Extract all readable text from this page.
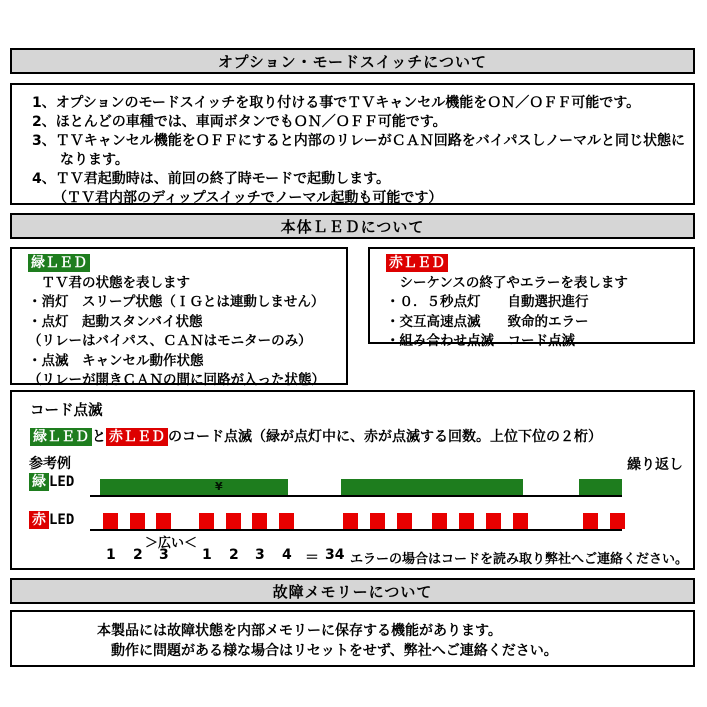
オプション・モードスイッチについて
1、オプションのモードスイッチを取り付ける事でＴＶキャンセル機能をＯＮ／ＯＦＦ可能です。
2、ほとんどの車種では、車両ボタンでもＯＮ／ＯＦＦ可能です。
3、ＴＶキャンセル機能をＯＦＦにすると内部のリレーがＣＡＮ回路をバイパスしノーマルと同じ状態に
　　なります。
4、ＴＶ君起動時は、前回の終了時モードで起動します。
　　（ＴＶ君内部のディップスイッチでノーマル起動も可能です）
本体ＬＥＤについて
緑ＬＥＤ
　ＴＶ君の状態を表します
・消灯　スリープ状態（ＩＧとは連動しません）
・点灯　起動スタンバイ状態
（リレーはバイパス、ＣＡＮはモニターのみ）
・点滅　キャンセル動作状態
（リレーが開きＣＡＮの間に回路が入った状態）
赤ＬＥＤ
　シーケンスの終了やエラーを表します
・０．５秒点灯　　自動選択進行
・交互高速点滅　　致命的エラー
・組み合わせ点滅　コード点滅
コード点滅
緑ＬＥＤ と 赤ＬＥＤ のコード点滅（緑が点灯中に、赤が点滅する回数。上位下位の２桁）
参考例	繰り返し
緑 LED
赤 LED
＞広い＜
エラーの場合はコードを読み取り弊社へご連絡ください。
¥
1 2 3 1 2 3 4 ＝ 34
故障メモリーについて
本製品には故障状態を内部メモリーに保存する機能があります。
　動作に問題がある様な場合はリセットをせず、弊社へご連絡ください。
